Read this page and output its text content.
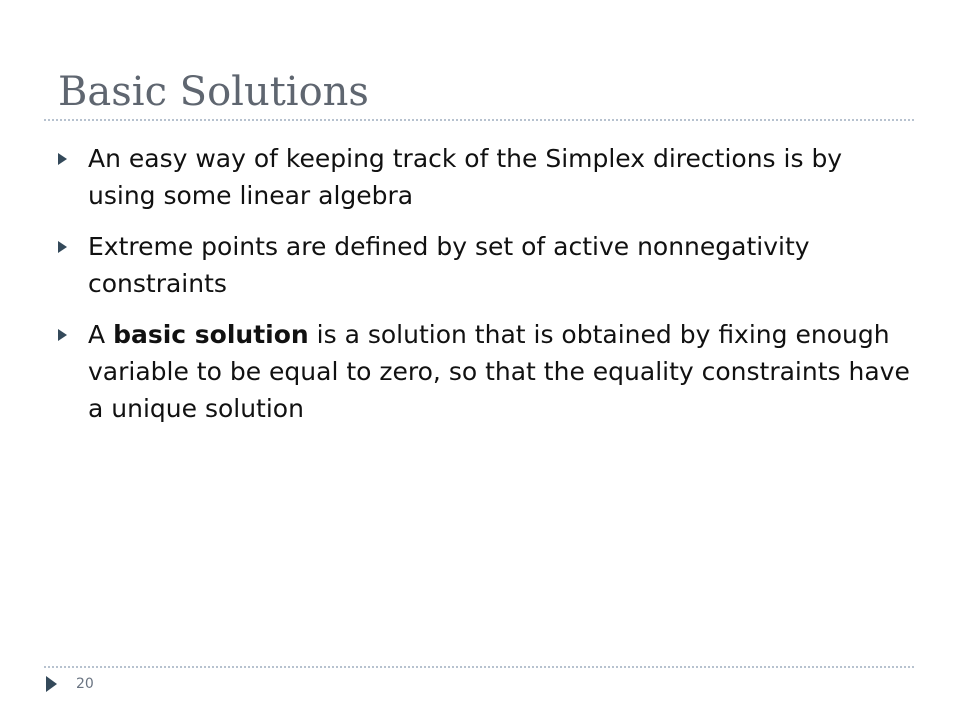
Basic Solutions
An easy way of keeping track of the Simplex directions is by using some linear algebra
Extreme points are defined by set of active nonnegativity constraints
A basic solution is a solution that is obtained by fixing enough variable to be equal to zero, so that the equality constraints have a unique solution
20
